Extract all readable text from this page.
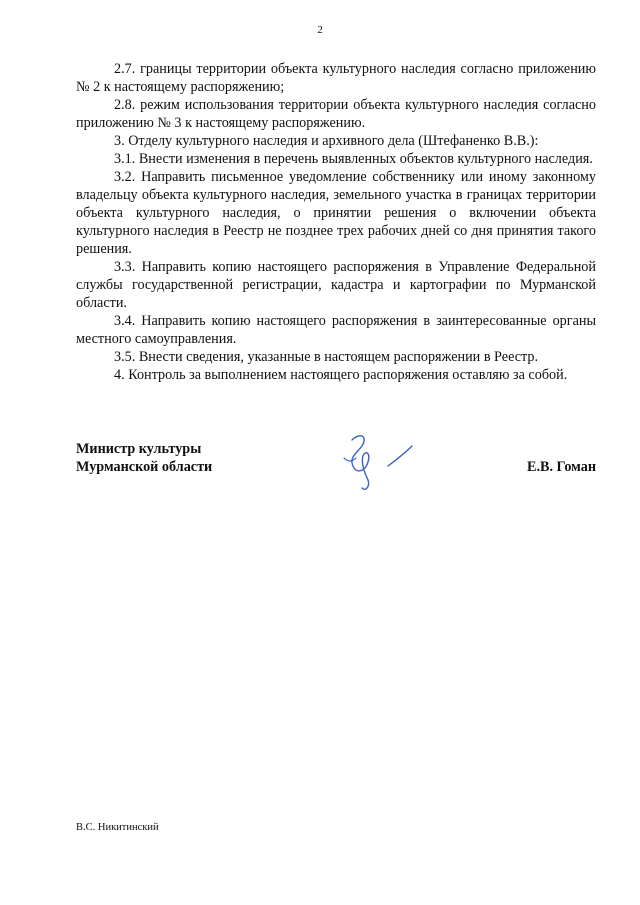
2

2.7. границы территории объекта культурного наследия согласно приложению № 2 к настоящему распоряжению;

2.8. режим использования территории объекта культурного наследия согласно приложению № 3 к настоящему распоряжению.

3. Отделу культурного наследия и архивного дела (Штефаненко В.В.):

3.1. Внести изменения в перечень выявленных объектов культурного наследия.

3.2. Направить письменное уведомление собственнику или иному законному владельцу объекта культурного наследия, земельного участка в границах территории объекта культурного наследия, о принятии решения о включении объекта культурного наследия в Реестр не позднее трех рабочих дней со дня принятия такого решения.

3.3. Направить копию настоящего распоряжения в Управление Федеральной службы государственной регистрации, кадастра и картографии по Мурманской области.

3.4. Направить копию настоящего распоряжения в заинтересованные органы местного самоуправления.

3.5. Внести сведения, указанные в настоящем распоряжении в Реестр.

4. Контроль за выполнением настоящего распоряжения оставляю за собой.

Министр культуры
Мурманской области	Е.В. Гоман
В.С. Никитинский
